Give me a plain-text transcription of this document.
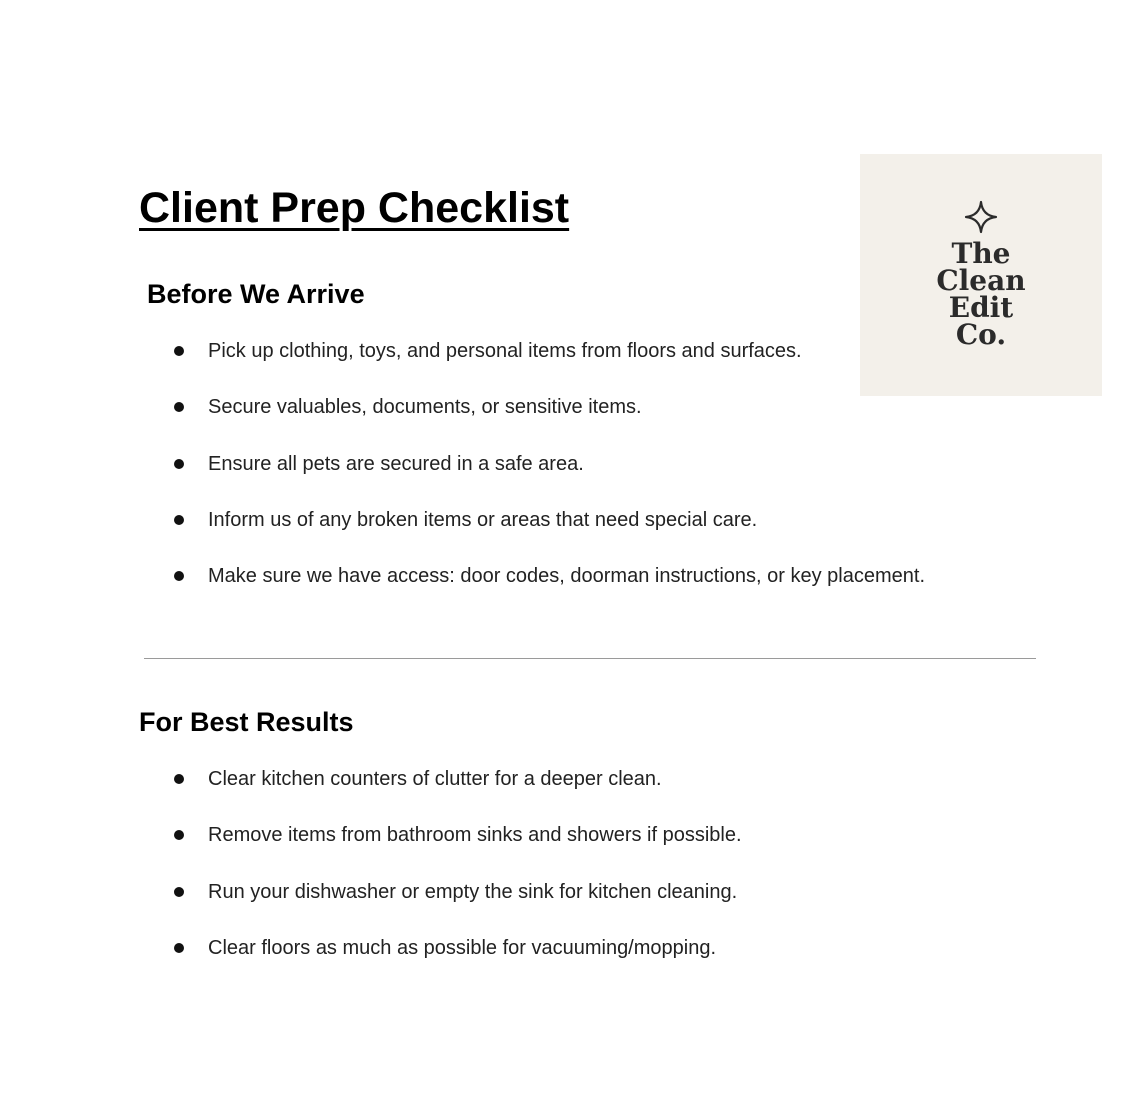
Client Prep Checklist
Before We Arrive
Pick up clothing, toys, and personal items from floors and surfaces.
Secure valuables, documents, or sensitive items.
Ensure all pets are secured in a safe area.
Inform us of any broken items or areas that need special care.
Make sure we have access: door codes, doorman instructions, or key placement.
For Best Results
Clear kitchen counters of clutter for a deeper clean.
Remove items from bathroom sinks and showers if possible.
Run your dishwasher or empty the sink for kitchen cleaning.
Clear floors as much as possible for vacuuming/mopping.
The
Clean
Edit
Co.
